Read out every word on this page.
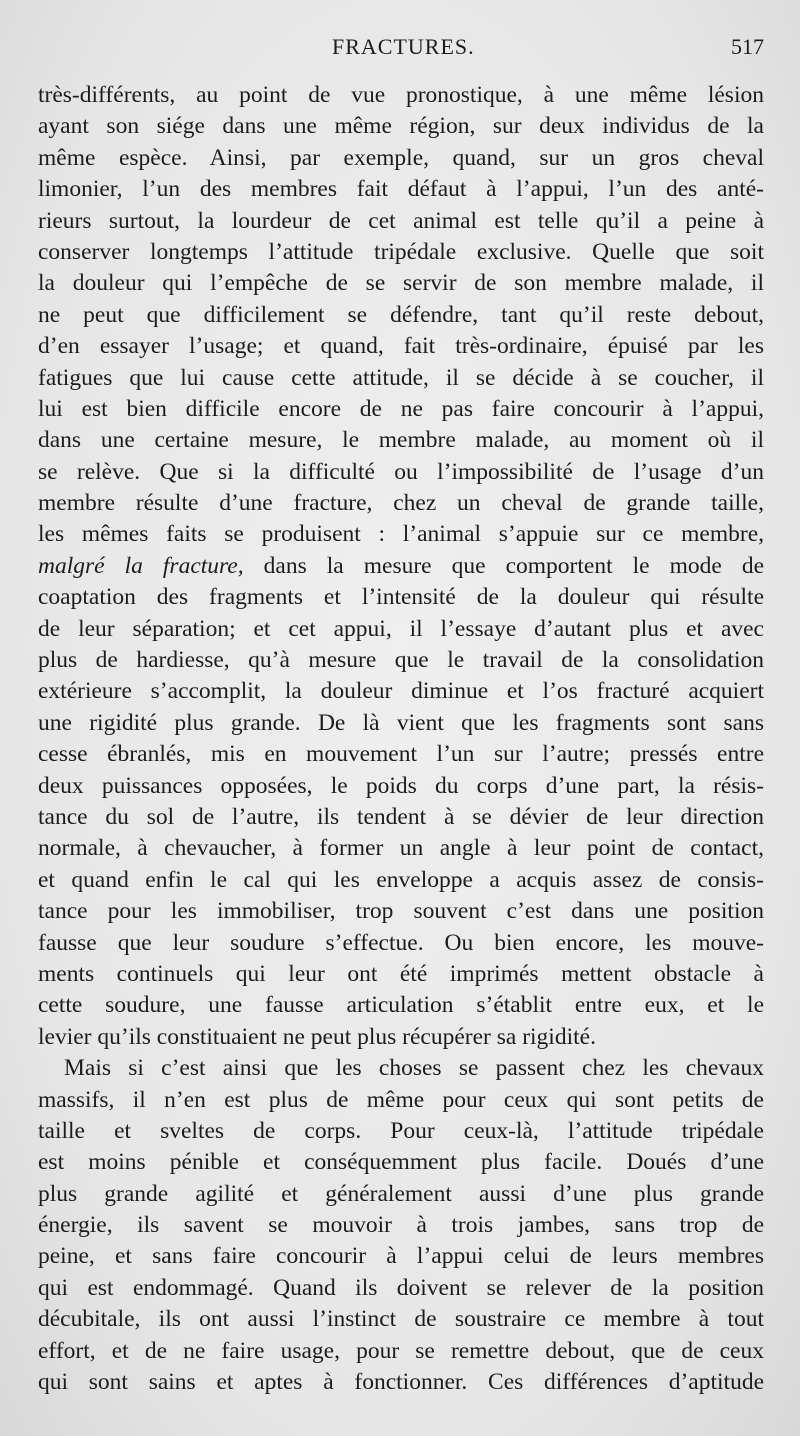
FRACTURES.	517
très-différents, au point de vue pronostique, à une même lésion
ayant son siége dans une même région, sur deux individus de la
même espèce. Ainsi, par exemple, quand, sur un gros cheval
limonier, l’un des membres fait défaut à l’appui, l’un des anté-
rieurs surtout, la lourdeur de cet animal est telle qu’il a peine à
conserver longtemps l’attitude tripédale exclusive. Quelle que soit
la douleur qui l’empêche de se servir de son membre malade, il
ne peut que difficilement se défendre, tant qu’il reste debout,
d’en essayer l’usage; et quand, fait très-ordinaire, épuisé par les
fatigues que lui cause cette attitude, il se décide à se coucher, il
lui est bien difficile encore de ne pas faire concourir à l’appui,
dans une certaine mesure, le membre malade, au moment où il
se relève. Que si la difficulté ou l’impossibilité de l’usage d’un
membre résulte d’une fracture, chez un cheval de grande taille,
les mêmes faits se produisent : l’animal s’appuie sur ce membre,
malgré la fracture, dans la mesure que comportent le mode de
coaptation des fragments et l’intensité de la douleur qui résulte
de leur séparation; et cet appui, il l’essaye d’autant plus et avec
plus de hardiesse, qu’à mesure que le travail de la consolidation
extérieure s’accomplit, la douleur diminue et l’os fracturé acquiert
une rigidité plus grande. De là vient que les fragments sont sans
cesse ébranlés, mis en mouvement l’un sur l’autre; pressés entre
deux puissances opposées, le poids du corps d’une part, la résis-
tance du sol de l’autre, ils tendent à se dévier de leur direction
normale, à chevaucher, à former un angle à leur point de contact,
et quand enfin le cal qui les enveloppe a acquis assez de consis-
tance pour les immobiliser, trop souvent c’est dans une position
fausse que leur soudure s’effectue. Ou bien encore, les mouve-
ments continuels qui leur ont été imprimés mettent obstacle à
cette soudure, une fausse articulation s’établit entre eux, et le
levier qu’ils constituaient ne peut plus récupérer sa rigidité.
Mais si c’est ainsi que les choses se passent chez les chevaux
massifs, il n’en est plus de même pour ceux qui sont petits de
taille et sveltes de corps. Pour ceux-là, l’attitude tripédale
est moins pénible et conséquemment plus facile. Doués d’une
plus grande agilité et généralement aussi d’une plus grande
énergie, ils savent se mouvoir à trois jambes, sans trop de
peine, et sans faire concourir à l’appui celui de leurs membres
qui est endommagé. Quand ils doivent se relever de la position
décubitale, ils ont aussi l’instinct de soustraire ce membre à tout
effort, et de ne faire usage, pour se remettre debout, que de ceux
qui sont sains et aptes à fonctionner. Ces différences d’aptitude
